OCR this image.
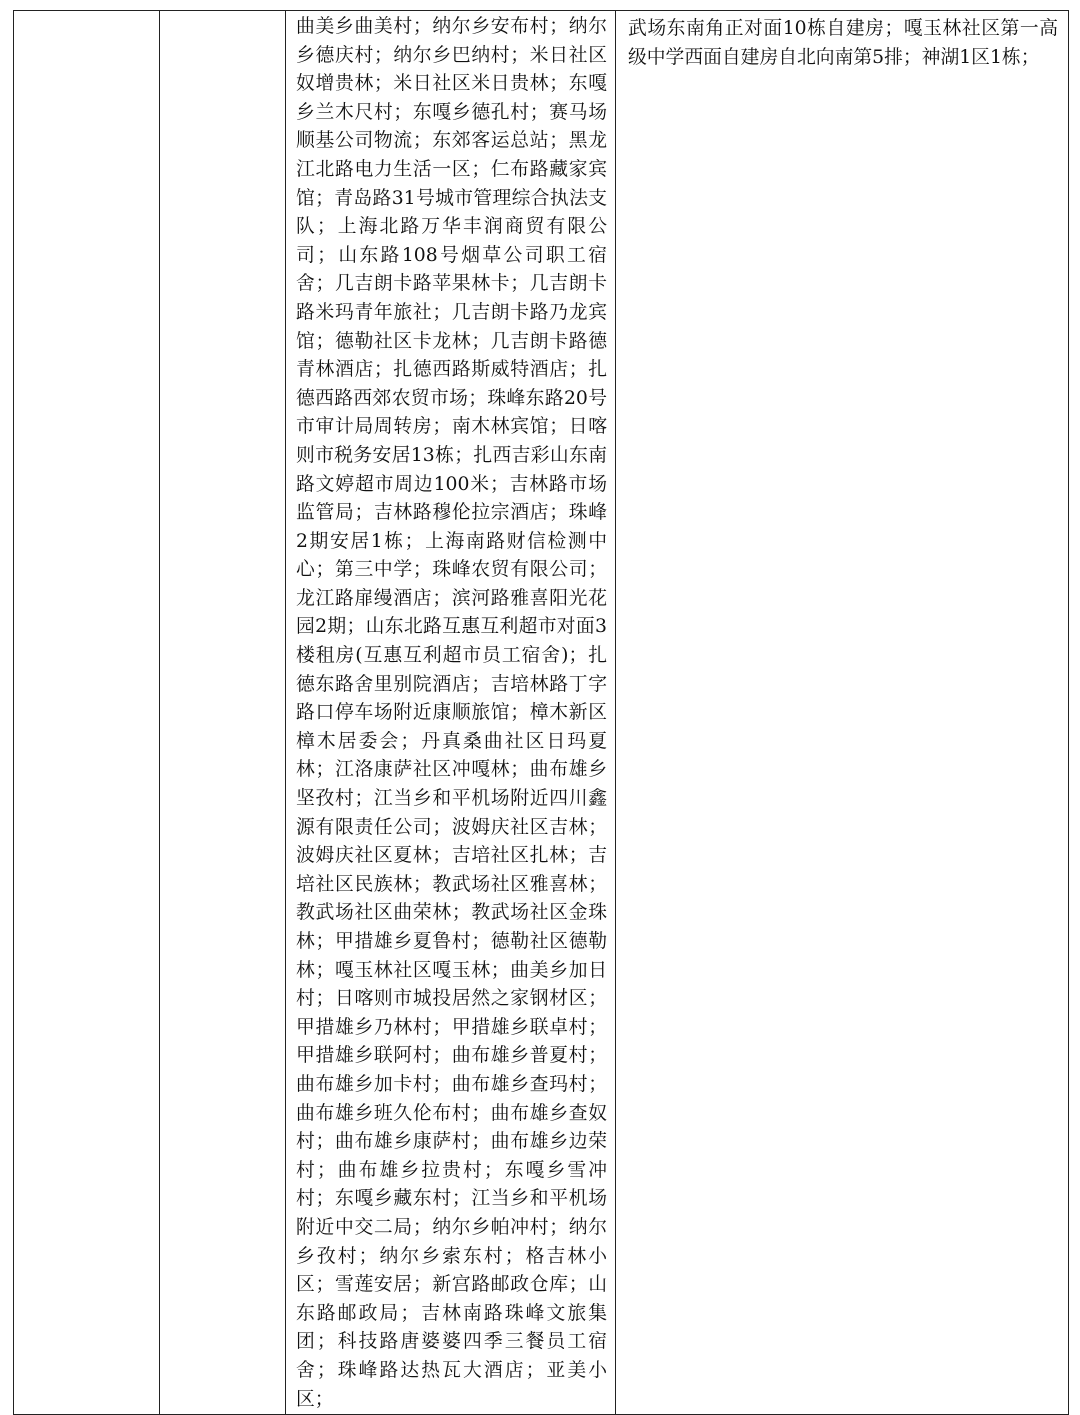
曲美乡曲美村；纳尔乡安布村；纳尔乡德庆村；纳尔乡巴纳村；米日社区奴增贵林；米日社区米日贵林；东嘎乡兰木尺村；东嘎乡德孔村；赛马场顺基公司物流；东郊客运总站；黑龙江北路电力生活一区；仁布路藏家宾馆；青岛路31号城市管理综合执法支队；上海北路万华丰润商贸有限公司；山东路108号烟草公司职工宿舍；几吉朗卡路苹果林卡；几吉朗卡路米玛青年旅社；几吉朗卡路乃龙宾馆；德勒社区卡龙林；几吉朗卡路德青林酒店；扎德西路斯威特酒店；扎德西路西郊农贸市场；珠峰东路20号市审计局周转房；南木林宾馆；日喀则市税务安居13栋；扎西吉彩山东南路文婷超市周边100米；吉林路市场监管局；吉林路穆伦拉宗酒店；珠峰2期安居1栋；上海南路财信检测中心；第三中学；珠峰农贸有限公司；龙江路扉缦酒店；滨河路雅喜阳光花园2期；山东北路互惠互利超市对面3楼租房(互惠互利超市员工宿舍)；扎德东路舍里别院酒店；吉培林路丁字路口停车场附近康顺旅馆；樟木新区樟木居委会；丹真桑曲社区日玛夏林；江洛康萨社区冲嘎林；曲布雄乡坚孜村；江当乡和平机场附近四川鑫源有限责任公司；波姆庆社区吉林；波姆庆社区夏林；吉培社区扎林；吉培社区民族林；教武场社区雅喜林；教武场社区曲荣林；教武场社区金珠林；甲措雄乡夏鲁村；德勒社区德勒林；嘎玉林社区嘎玉林；曲美乡加日村；日喀则市城投居然之家钢材区；甲措雄乡乃林村；甲措雄乡联卓村；甲措雄乡联阿村；曲布雄乡普夏村；曲布雄乡加卡村；曲布雄乡查玛村；曲布雄乡班久伦布村；曲布雄乡查奴村；曲布雄乡康萨村；曲布雄乡边荣村；曲布雄乡拉贵村；东嘎乡雪冲村；东嘎乡藏东村；江当乡和平机场附近中交二局；纳尔乡帕冲村；纳尔乡孜村；纳尔乡索东村；格吉林小区；雪莲安居；新宫路邮政仓库；山东路邮政局；吉林南路珠峰文旅集团；科技路唐婆婆四季三餐员工宿舍；珠峰路达热瓦大酒店；亚美小区；

武场东南角正对面10栋自建房；嘎玉林社区第一高级中学西面自建房自北向南第5排；神湖1区1栋；
